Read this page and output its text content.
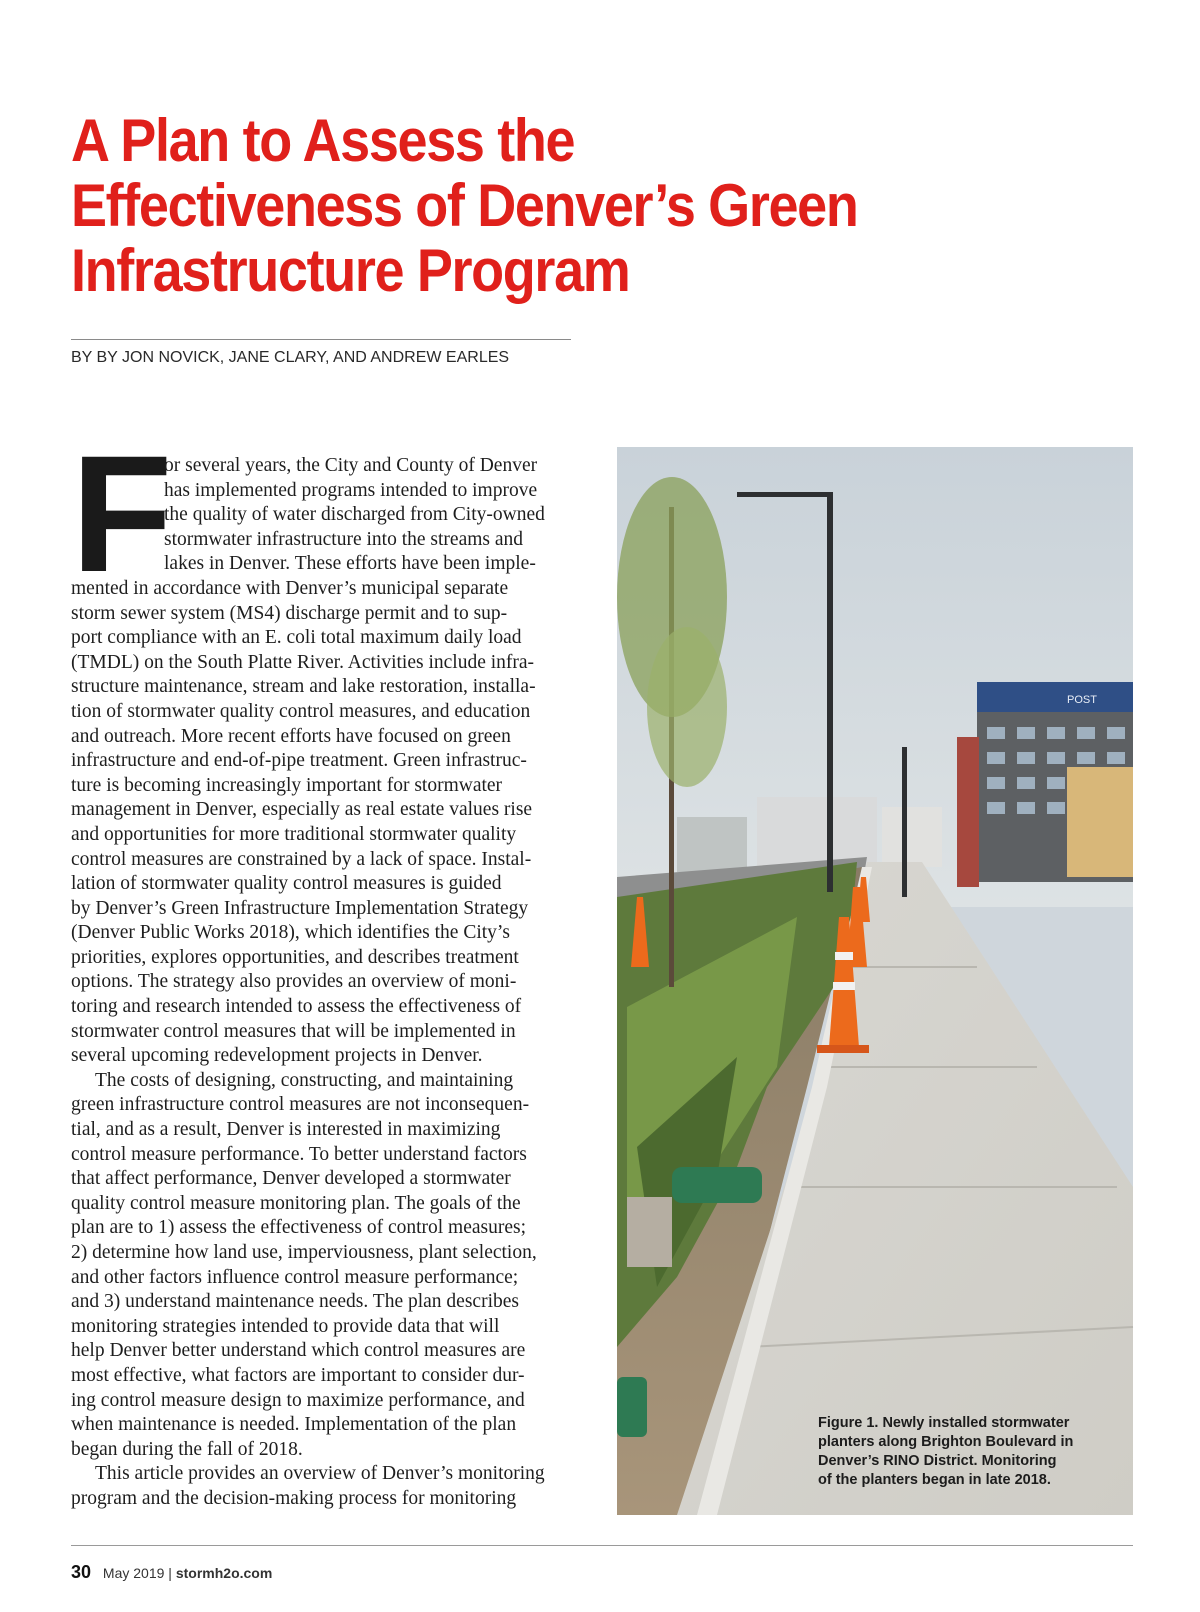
A Plan to Assess the
Effectiveness of Denver’s Green
Infrastructure Program

BY BY JON NOVICK, JANE CLARY, AND ANDREW EARLES

F
or several years, the City and County of Denver
has implemented programs intended to improve
the quality of water discharged from City-owned
stormwater infrastructure into the streams and
lakes in Denver. These efforts have been imple-
mented in accordance with Denver’s municipal separate
storm sewer system (MS4) discharge permit and to sup-
port compliance with an E. coli total maximum daily load
(TMDL) on the South Platte River. Activities include infra-
structure maintenance, stream and lake restoration, installa-
tion of stormwater quality control measures, and education
and outreach. More recent efforts have focused on green
infrastructure and end-of-pipe treatment. Green infrastruc-
ture is becoming increasingly important for stormwater
management in Denver, especially as real estate values rise
and opportunities for more traditional stormwater quality
control measures are constrained by a lack of space. Instal-
lation of stormwater quality control measures is guided
by Denver’s Green Infrastructure Implementation Strategy
(Denver Public Works 2018), which identifies the City’s
priorities, explores opportunities, and describes treatment
options. The strategy also provides an overview of moni-
toring and research intended to assess the effectiveness of
stormwater control measures that will be implemented in
several upcoming redevelopment projects in Denver.
The costs of designing, constructing, and maintaining
green infrastructure control measures are not inconsequen-
tial, and as a result, Denver is interested in maximizing
control measure performance. To better understand factors
that affect performance, Denver developed a stormwater
quality control measure monitoring plan. The goals of the
plan are to 1) assess the effectiveness of control measures;
2) determine how land use, imperviousness, plant selection,
and other factors influence control measure performance;
and 3) understand maintenance needs. The plan describes
monitoring strategies intended to provide data that will
help Denver better understand which control measures are
most effective, what factors are important to consider dur-
ing control measure design to maximize performance, and
when maintenance is needed. Implementation of the plan
began during the fall of 2018.
This article provides an overview of Denver’s monitoring
program and the decision-making process for monitoring
POST

Figure 1. Newly installed stormwater
planters along Brighton Boulevard in
Denver’s RINO District. Monitoring
of the planters began in late 2018.

30 May 2019 | stormh2o.com
